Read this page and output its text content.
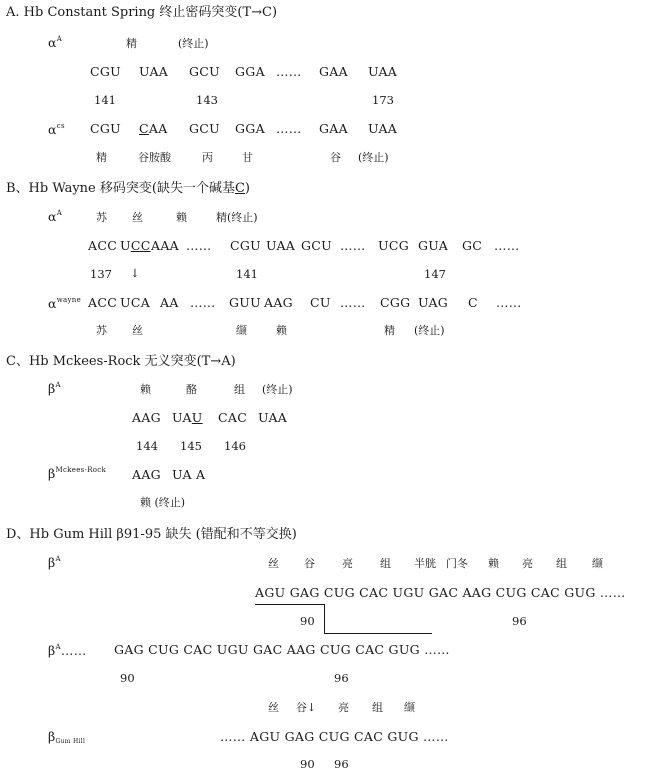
A. Hb Constant Spring 终止密码突变(T→C)
$\alpha^A$	精	(终止)
CGU UAA GCU GGA …… GAA UAA
141	143	173
$\alpha^{cs}$ CGU CAA GCU GGA …… GAA UAA
精	谷胺酸	丙	甘	谷 (终止)
B、Hb Wayne 移码突变(缺失一个碱基C)
$\alpha^A$	苏 丝	赖	精(终止)
ACC UCC AAA …… CGU UAA GCU …… UCG GUA GC ……
137 ↓	141	147
$\alpha^{wayne}$ ACC UCA AA …… GUU AAG CU …… CGG UAG C ……
苏 丝	缬	赖	精 (终止)
C、Hb Mckees-Rock 无义突变(T→A)
$\beta^A$	赖	酪	组 (终止)
AAG UAU CAC UAA
144 145 146
$\beta^{Mckees-Rock}$ AAG UA A
赖 (终止)
D、Hb Gum Hill β91-95 缺失 (错配和不等交换)
$\beta^A$	丝 谷 亮 组 半胱 门冬 赖 亮 组 缬
AGU GAG CUG CAC UGU GAC AAG CUG CAC GUG ……
90	96
$\beta^A\dots\dots$ GAG CUG CAC UGU GAC AAG CUG CAC GUG ……
90	96
丝 谷↓ 亮 组 缬
$\beta_{Gum Hill}$	…… AGU GAG CUG CAC GUG ……
90 96
